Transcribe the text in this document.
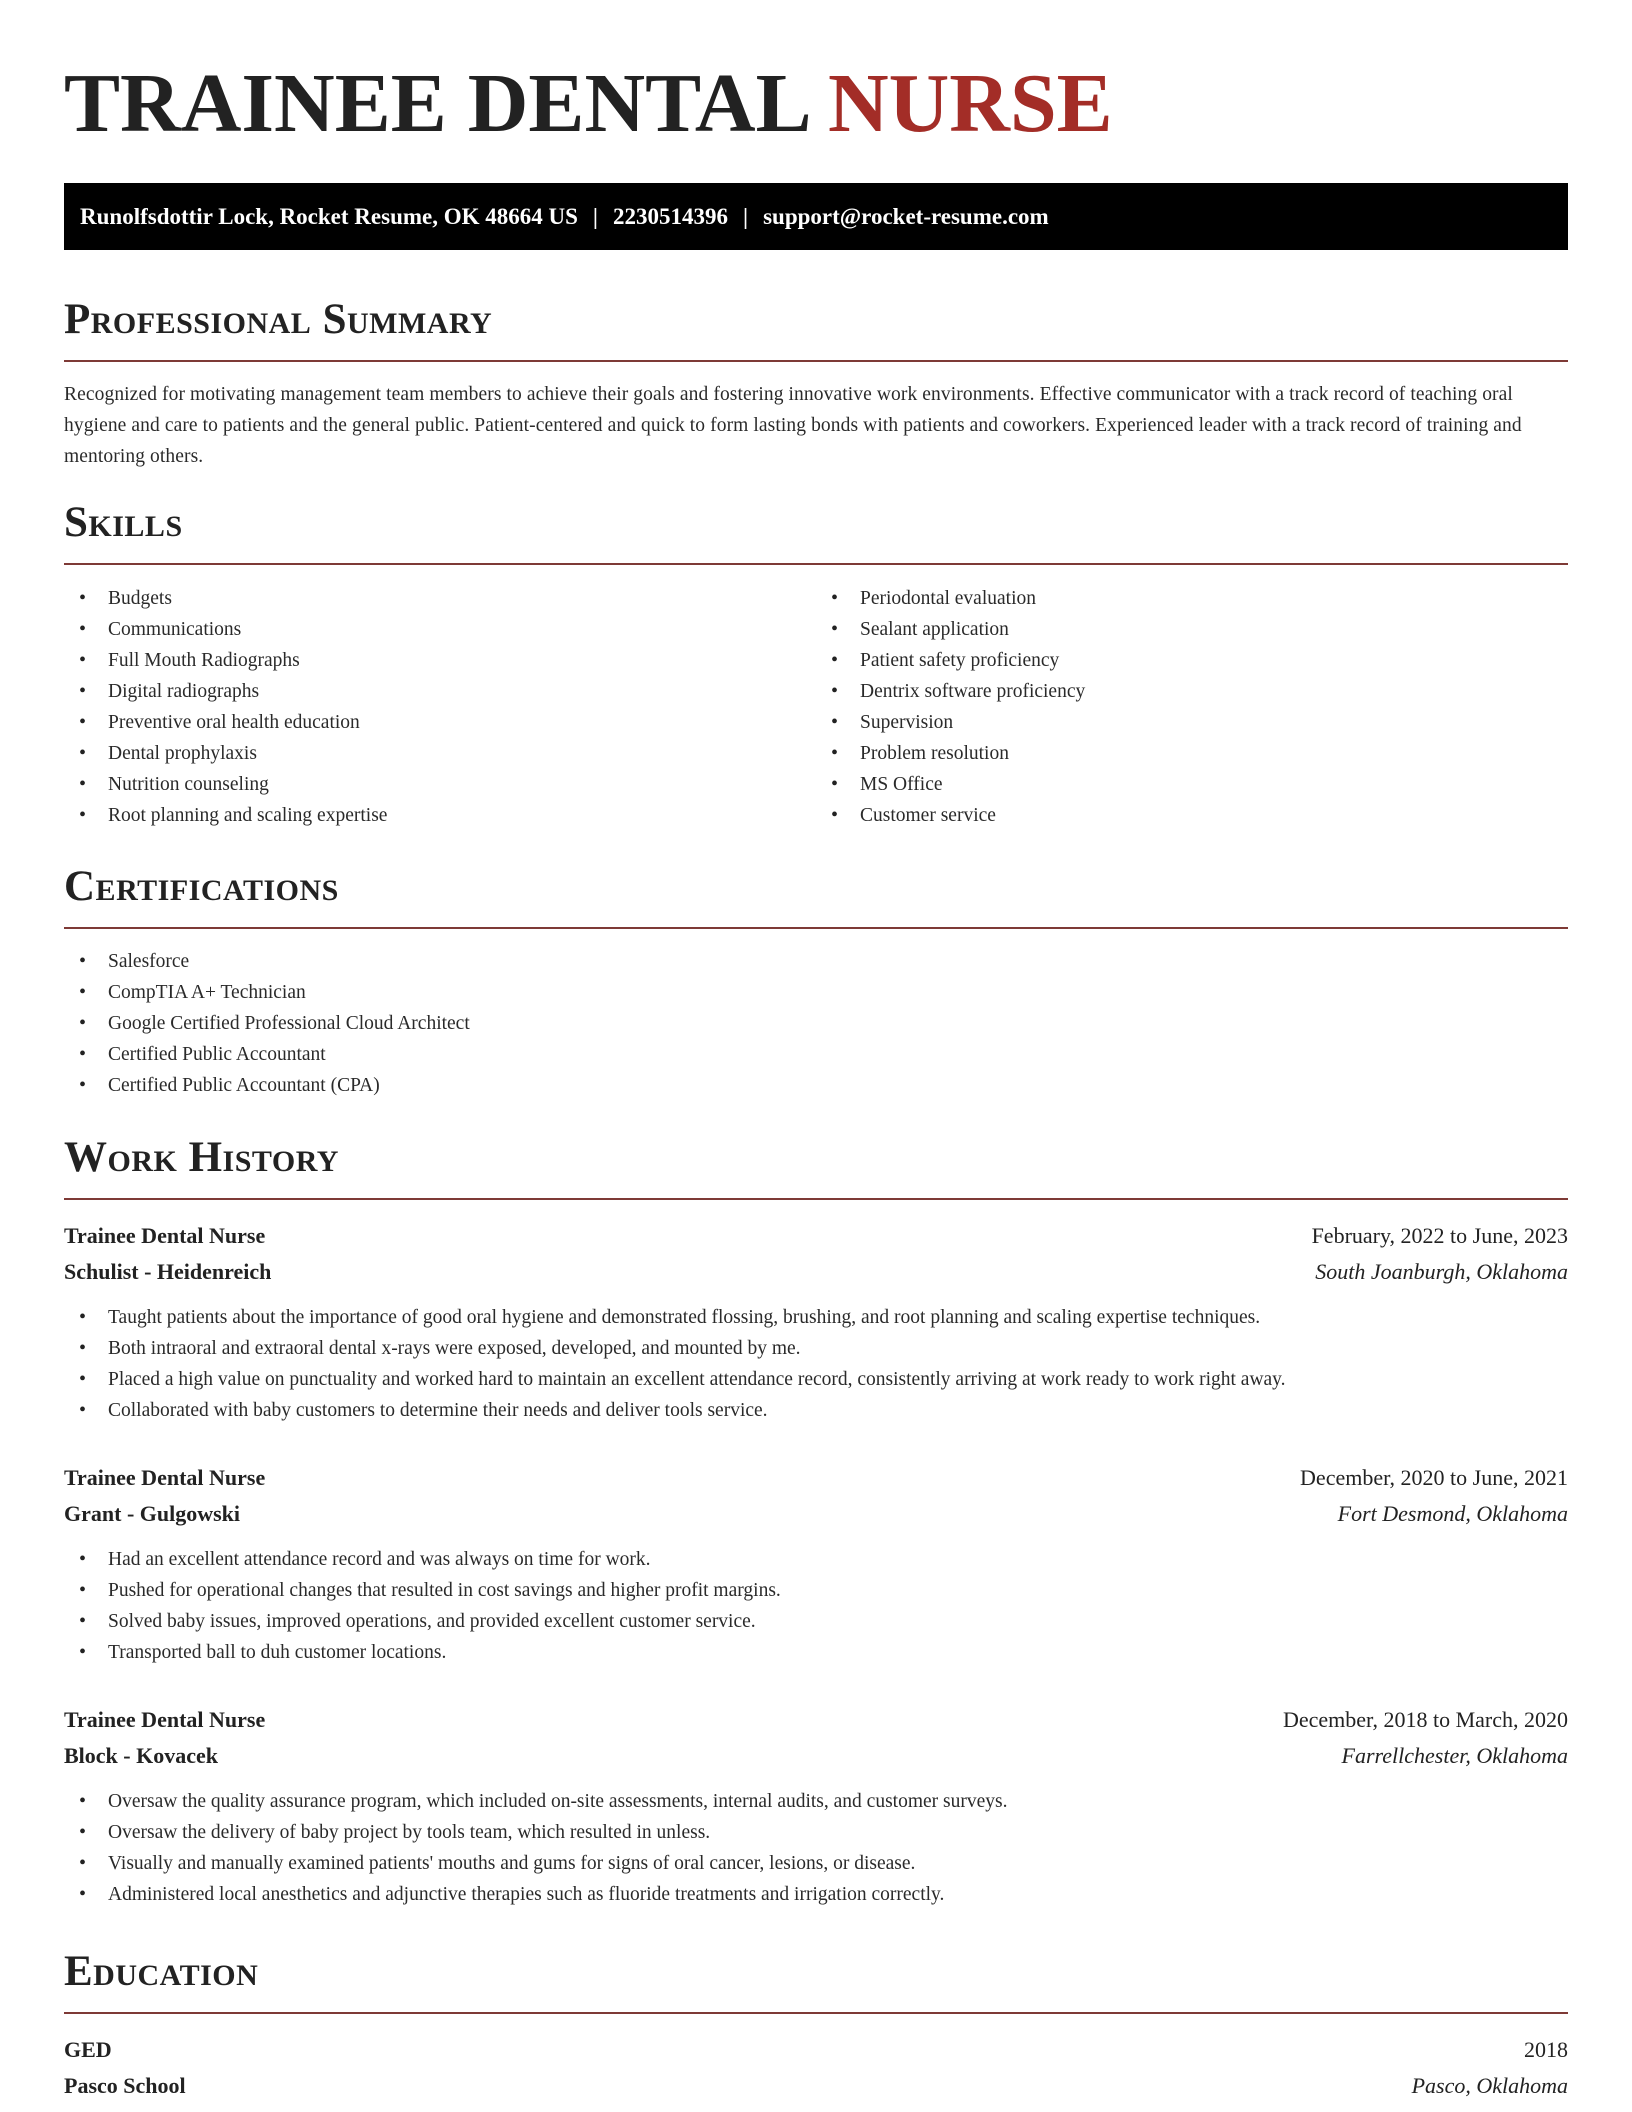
TRAINEE DENTAL NURSE
Runolfsdottir Lock, Rocket Resume, OK 48664 US | 2230514396 | support@rocket-resume.com
Professional Summary

Recognized for motivating management team members to achieve their goals and fostering innovative work environments. Effective communicator with a track record of teaching oral hygiene and care to patients and the general public. Patient-centered and quick to form lasting bonds with patients and coworkers. Experienced leader with a track record of training and mentoring others.

Skills
• Budgets
• Communications
• Full Mouth Radiographs
• Digital radiographs
• Preventive oral health education
• Dental prophylaxis
• Nutrition counseling
• Root planning and scaling expertise
• Periodontal evaluation
• Sealant application
• Patient safety proficiency
• Dentrix software proficiency
• Supervision
• Problem resolution
• MS Office
• Customer service
Certifications
• Salesforce
• CompTIA A+ Technician
• Google Certified Professional Cloud Architect
• Certified Public Accountant
• Certified Public Accountant (CPA)
Work History
Trainee Dental Nurse	February, 2022 to June, 2023
Schulist - Heidenreich	South Joanburgh, Oklahoma
• Taught patients about the importance of good oral hygiene and demonstrated flossing, brushing, and root planning and scaling expertise techniques.
• Both intraoral and extraoral dental x-rays were exposed, developed, and mounted by me.
• Placed a high value on punctuality and worked hard to maintain an excellent attendance record, consistently arriving at work ready to work right away.
• Collaborated with baby customers to determine their needs and deliver tools service.
Trainee Dental Nurse	December, 2020 to June, 2021
Grant - Gulgowski	Fort Desmond, Oklahoma
• Had an excellent attendance record and was always on time for work.
• Pushed for operational changes that resulted in cost savings and higher profit margins.
• Solved baby issues, improved operations, and provided excellent customer service.
• Transported ball to duh customer locations.
Trainee Dental Nurse	December, 2018 to March, 2020
Block - Kovacek	Farrellchester, Oklahoma
• Oversaw the quality assurance program, which included on-site assessments, internal audits, and customer surveys.
• Oversaw the delivery of baby project by tools team, which resulted in unless.
• Visually and manually examined patients' mouths and gums for signs of oral cancer, lesions, or disease.
• Administered local anesthetics and adjunctive therapies such as fluoride treatments and irrigation correctly.
Education
GED	2018
Pasco School	Pasco, Oklahoma
